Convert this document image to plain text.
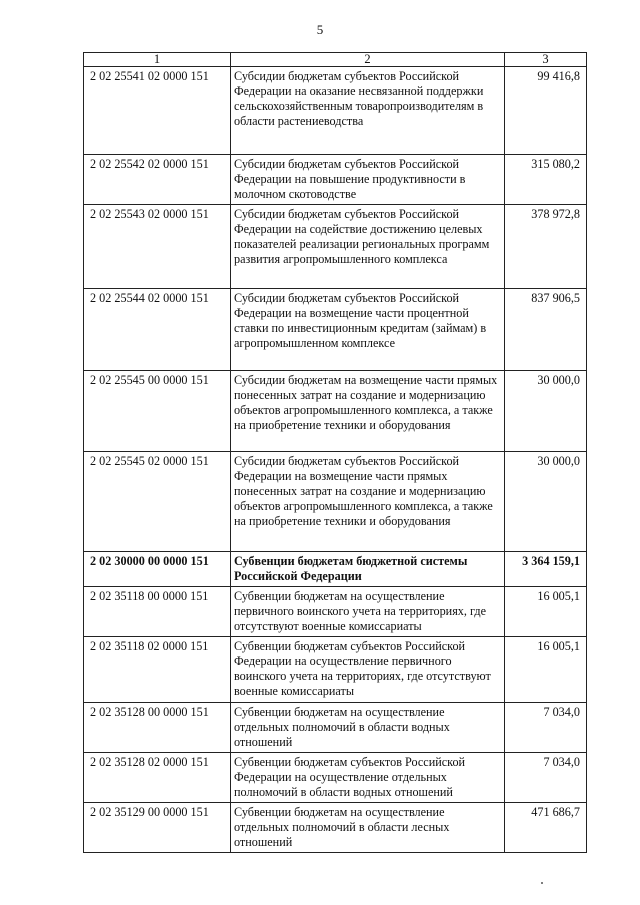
5
1	2	3
2 02 25541 02 0000 151	Субсидии бюджетам субъектов Российской Федерации на оказание несвязанной поддержки сельскохозяйственным товаропроизводителям в области растениеводства	99 416,8
2 02 25542 02 0000 151	Субсидии бюджетам субъектов Российской Федерации на повышение продуктивности в молочном скотоводстве	315 080,2
2 02 25543 02 0000 151	Субсидии бюджетам субъектов Российской Федерации на содействие достижению целевых показателей реализации региональных программ развития агропромышленного комплекса	378 972,8
2 02 25544 02 0000 151	Субсидии бюджетам субъектов Российской Федерации на возмещение части процентной ставки по инвестиционным кредитам (займам) в агропромышленном комплексе	837 906,5
2 02 25545 00 0000 151	Субсидии бюджетам на возмещение части прямых понесенных затрат на создание и модернизацию объектов агропромышленного комплекса, а также на приобретение техники и оборудования	30 000,0
2 02 25545 02 0000 151	Субсидии бюджетам субъектов Российской Федерации на возмещение части прямых понесенных затрат на создание и модернизацию объектов агропромышленного комплекса, а также на приобретение техники и оборудования	30 000,0
2 02 30000 00 0000 151	Субвенции бюджетам бюджетной системы Российской Федерации	3 364 159,1
2 02 35118 00 0000 151	Субвенции бюджетам на осуществление первичного воинского учета на территориях, где отсутствуют военные комиссариаты	16 005,1
2 02 35118 02 0000 151	Субвенции бюджетам субъектов Российской Федерации на осуществление первичного воинского учета на территориях, где отсутствуют военные комиссариаты	16 005,1
2 02 35128 00 0000 151	Субвенции бюджетам на осуществление отдельных полномочий в области водных отношений	7 034,0
2 02 35128 02 0000 151	Субвенции бюджетам субъектов Российской Федерации на осуществление отдельных полномочий в области водных отношений	7 034,0
2 02 35129 00 0000 151	Субвенции бюджетам на осуществление отдельных полномочий в области лесных отношений	471 686,7
